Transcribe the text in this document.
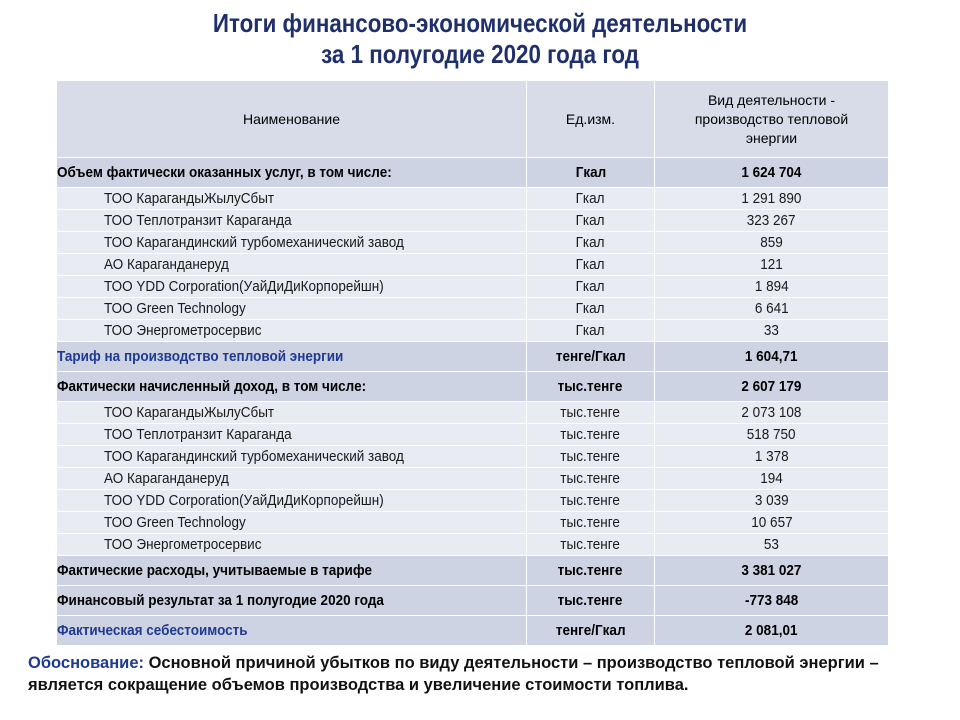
Итоги финансово-экономической деятельности
за 1 полугодие 2020 года год
Наименование	Ед.изм.	Вид деятельности - производство тепловой энергии
Объем фактически оказанных услуг, в том числе:	Гкал	1 624 704
ТОО КарагандыЖылуСбыт	Гкал	1 291 890
ТОО Теплотранзит Караганда	Гкал	323 267
ТОО Карагандинский турбомеханический завод	Гкал	859
АО Караганданеруд	Гкал	121
ТОО YDD Corporation(УайДиДиКорпорейшн)	Гкал	1 894
ТОО Green Technology	Гкал	6 641
ТОО Энергометросервис	Гкал	33
Тариф на производство тепловой энергии	тенге/Гкал	1 604,71
Фактически начисленный доход, в том числе:	тыс.тенге	2 607 179
ТОО КарагандыЖылуСбыт	тыс.тенге	2 073 108
ТОО Теплотранзит Караганда	тыс.тенге	518 750
ТОО Карагандинский турбомеханический завод	тыс.тенге	1 378
АО Караганданеруд	тыс.тенге	194
ТОО YDD Corporation(УайДиДиКорпорейшн)	тыс.тенге	3 039
ТОО Green Technology	тыс.тенге	10 657
ТОО Энергометросервис	тыс.тенге	53
Фактические расходы, учитываемые в тарифе	тыс.тенге	3 381 027
Финансовый результат за 1 полугодие 2020 года	тыс.тенге	-773 848
Фактическая себестоимость	тенге/Гкал	2 081,01
Обоснование: Основной причиной убытков по виду деятельности – производство тепловой энергии – является сокращение объемов производства и увеличение стоимости топлива.
